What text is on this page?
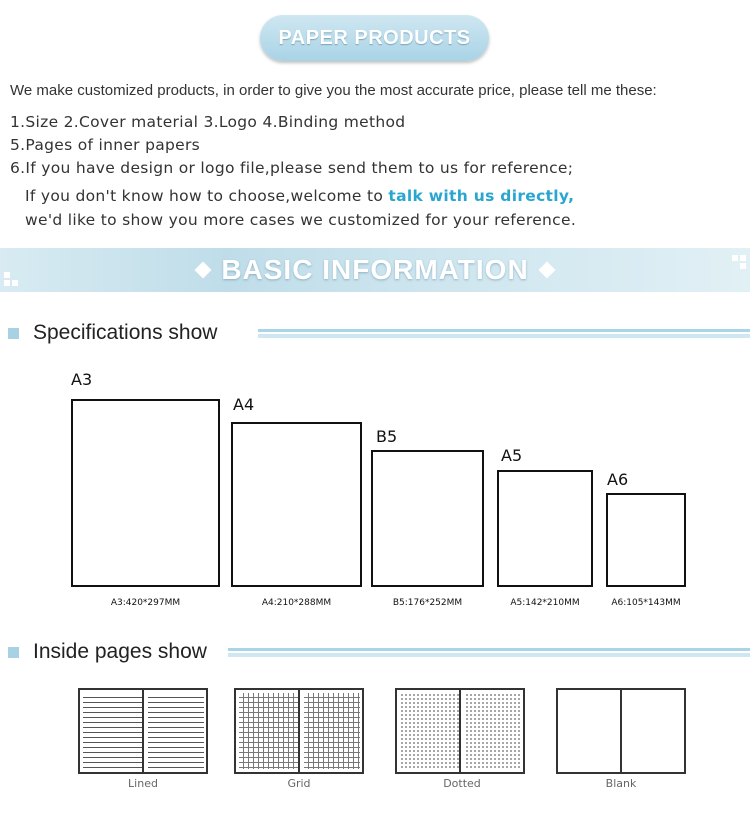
PAPER PRODUCTS
We make customized products, in order to give you the most accurate price, please tell me these:
1.Size 2.Cover material 3.Logo 4.Binding method
5.Pages of inner papers
6.If you have design or logo file,please send them to us for reference;
If you don't know how to choose,welcome to talk with us directly,
we'd like to show you more cases we customized for your reference.
BASIC INFORMATION
Specifications show
A3
A3:420*297MM
A4
A4:210*288MM
B5
B5:176*252MM
A5
A5:142*210MM
A6
A6:105*143MM
Inside pages show
Lined	Grid	Dotted	Blank
